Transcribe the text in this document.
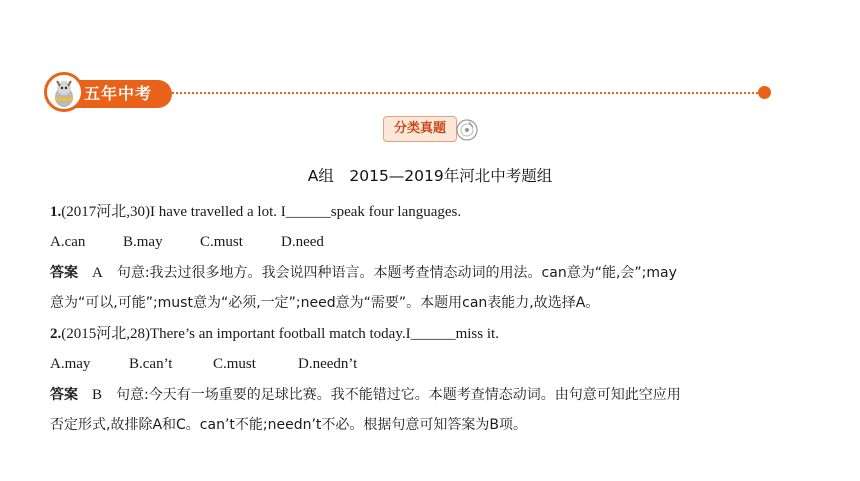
五年中考
分类真题
A组　2015—2019年河北中考题组
1.(2017河北,30)I have travelled a lot. I______speak four languages.
A.can	B.may C.must	D.need
答案 A 句意:我去过很多地方。我会说四种语言。本题考查情态动词的用法。can意为“能,会”;may
意为“可以,可能”;must意为“必须,一定”;need意为“需要”。本题用can表能力,故选择A。
2.(2015河北,28)There’s an important football match today.I______miss it.
A.may	B.can’t	C.must	D.needn’t
答案 B 句意:今天有一场重要的足球比赛。我不能错过它。本题考查情态动词。由句意可知此空应用
否定形式,故排除A和C。can’t不能;needn’t不必。根据句意可知答案为B项。
